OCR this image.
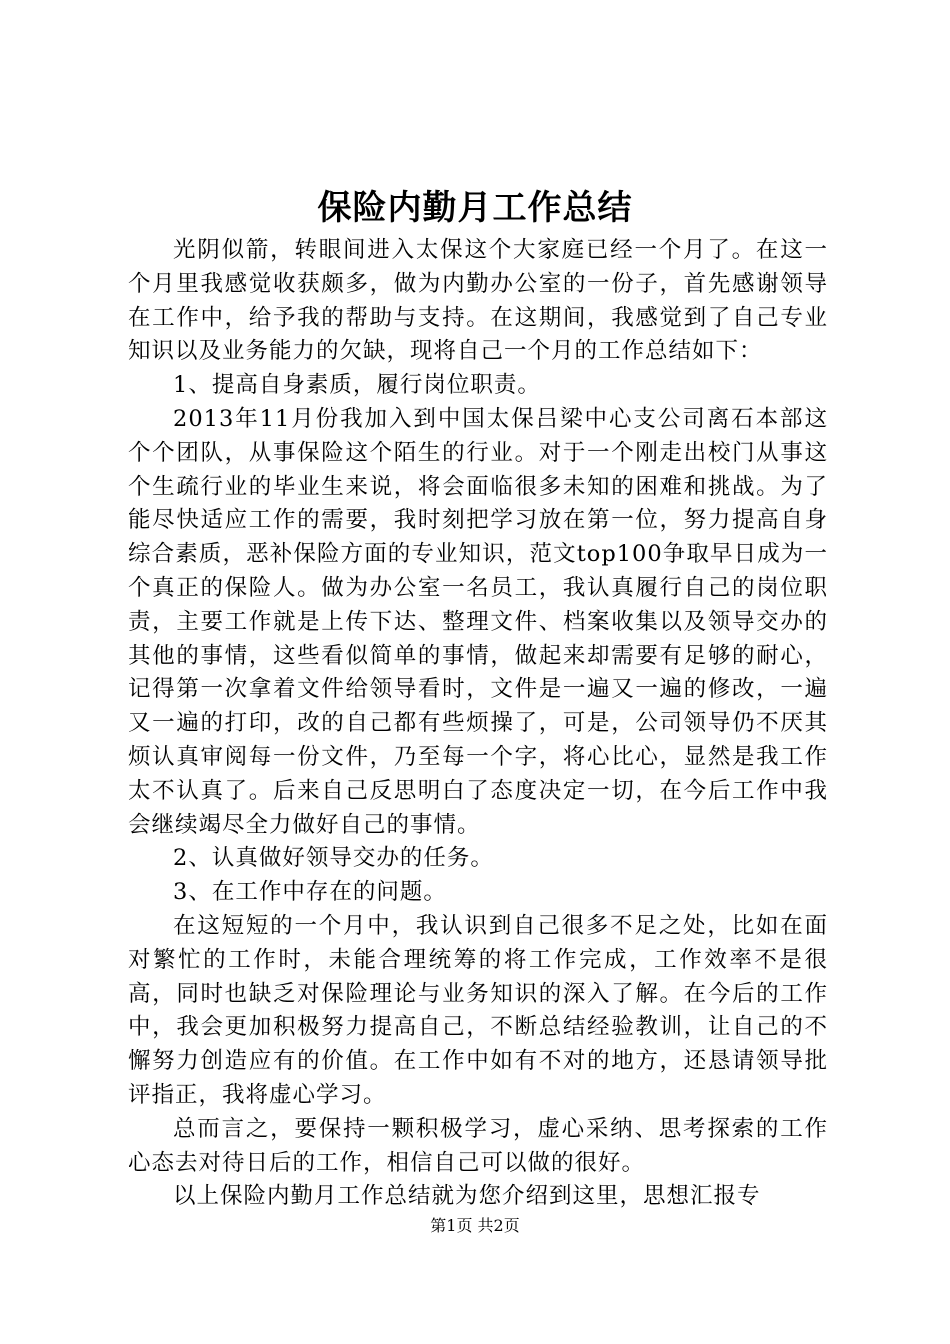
保险内勤月工作总结

光阴似箭，转眼间进入太保这个大家庭已经一个月了。在这一个月里我感觉收获颇多，做为内勤办公室的一份子，首先感谢领导在工作中，给予我的帮助与支持。在这期间，我感觉到了自己专业知识以及业务能力的欠缺，现将自己一个月的工作总结如下：

1、提高自身素质，履行岗位职责。

2013年11月份我加入到中国太保吕梁中心支公司离石本部这个个团队，从事保险这个陌生的行业。对于一个刚走出校门从事这个生疏行业的毕业生来说，将会面临很多未知的困难和挑战。为了能尽快适应工作的需要，我时刻把学习放在第一位，努力提高自身综合素质，恶补保险方面的专业知识，范文top100争取早日成为一个真正的保险人。做为办公室一名员工，我认真履行自己的岗位职责，主要工作就是上传下达、整理文件、档案收集以及领导交办的其他的事情，这些看似简单的事情，做起来却需要有足够的耐心，记得第一次拿着文件给领导看时，文件是一遍又一遍的修改，一遍又一遍的打印，改的自己都有些烦操了，可是，公司领导仍不厌其烦认真审阅每一份文件，乃至每一个字，将心比心，显然是我工作太不认真了。后来自己反思明白了态度决定一切，在今后工作中我会继续竭尽全力做好自己的事情。

2、认真做好领导交办的任务。

3、在工作中存在的问题。

在这短短的一个月中，我认识到自己很多不足之处，比如在面对繁忙的工作时，未能合理统筹的将工作完成，工作效率不是很高，同时也缺乏对保险理论与业务知识的深入了解。在今后的工作中，我会更加积极努力提高自己，不断总结经验教训，让自己的不懈努力创造应有的价值。在工作中如有不对的地方，还恳请领导批评指正，我将虚心学习。

总而言之，要保持一颗积极学习，虚心采纳、思考探索的工作心态去对待日后的工作，相信自己可以做的很好。

以上保险内勤月工作总结就为您介绍到这里，思想汇报专

第1页 共2页
